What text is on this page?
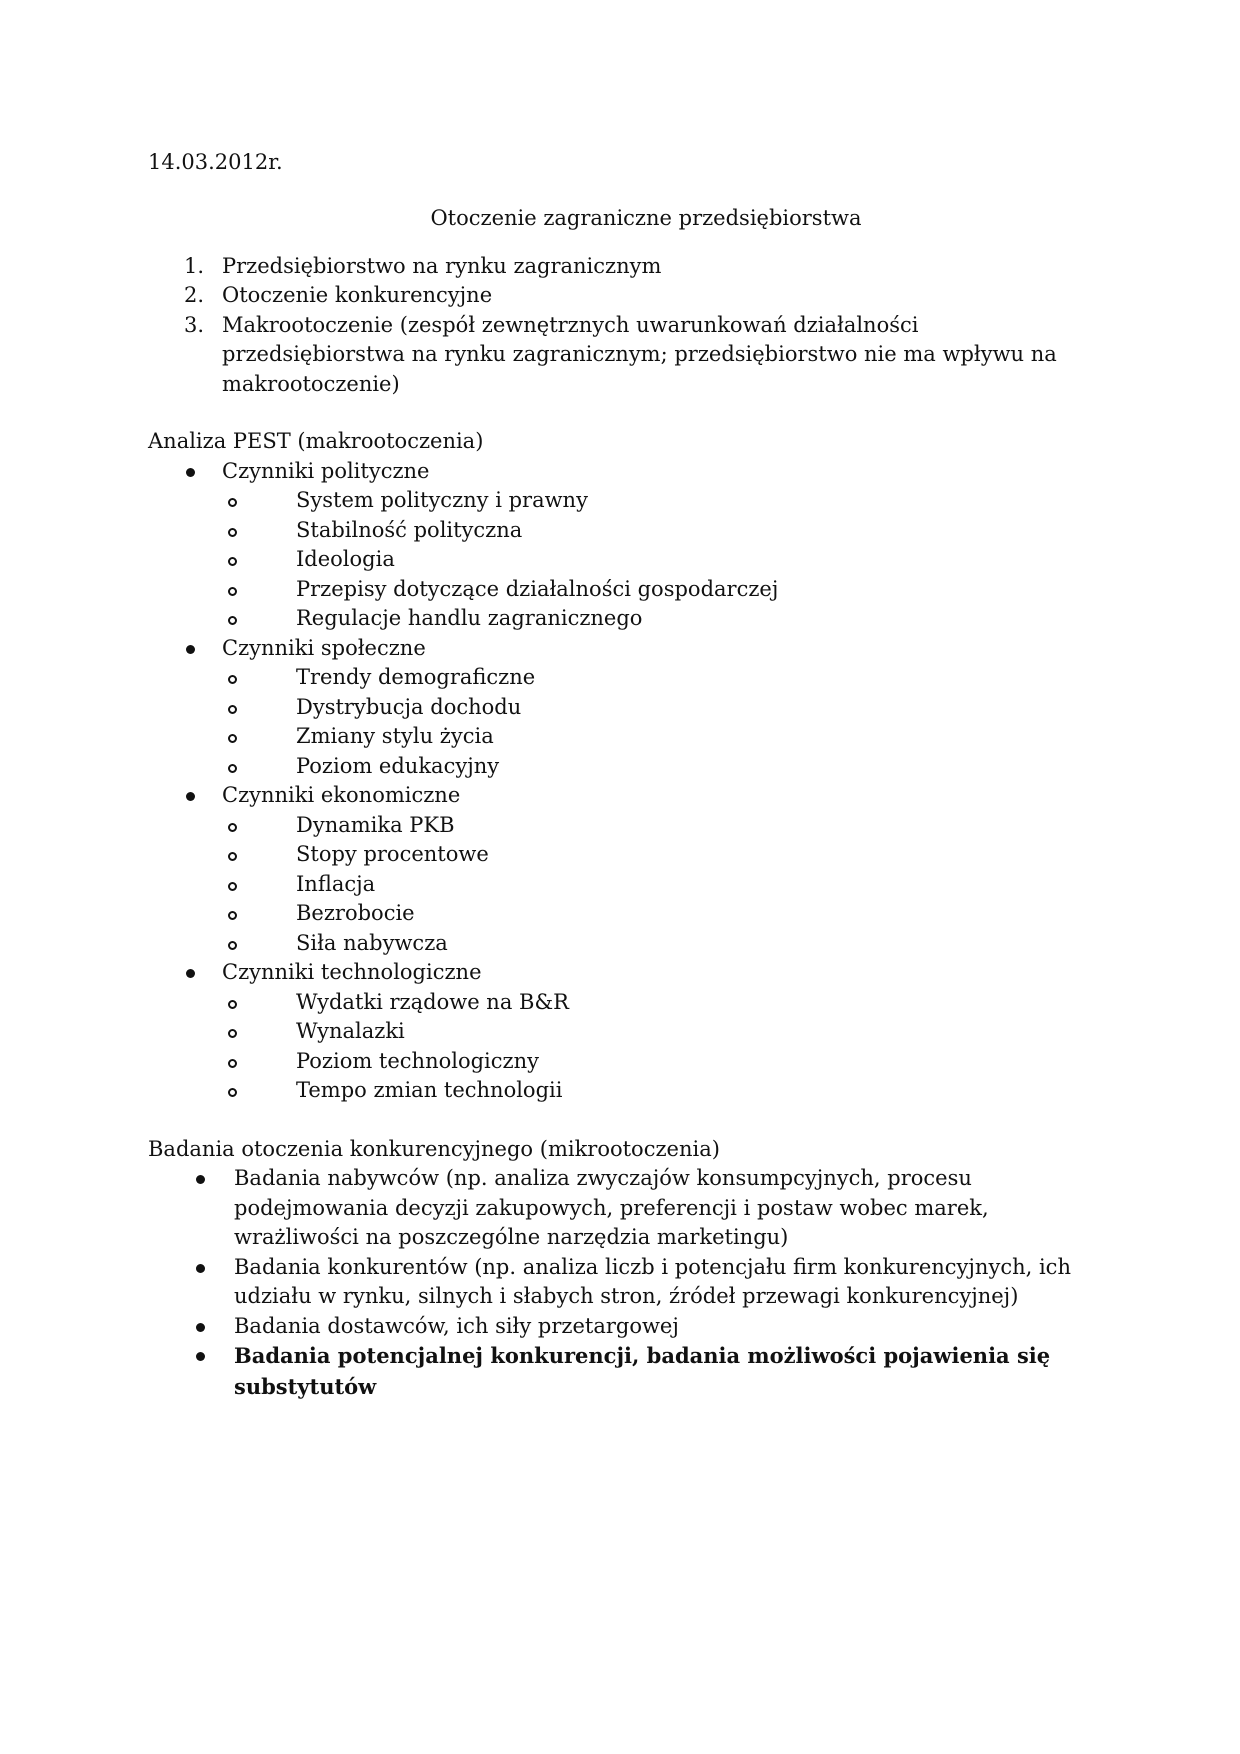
14.03.2012r.

Otoczenie zagraniczne przedsiębiorstwa
1. Przedsiębiorstwo na rynku zagranicznym
2. Otoczenie konkurencyjne
3. Makrootoczenie (zespół zewnętrznych uwarunkowań działalności przedsiębiorstwa na rynku zagranicznym; przedsiębiorstwo nie ma wpływu na makrootoczenie)
Analiza PEST (makrootoczenia)
Czynniki polityczne
System polityczny i prawny
Stabilność polityczna
Ideologia
Przepisy dotyczące działalności gospodarczej
Regulacje handlu zagranicznego
Czynniki społeczne
Trendy demograficzne
Dystrybucja dochodu
Zmiany stylu życia
Poziom edukacyjny
Czynniki ekonomiczne
Dynamika PKB
Stopy procentowe
Inflacja
Bezrobocie
Siła nabywcza
Czynniki technologiczne
Wydatki rządowe na B&R
Wynalazki
Poziom technologiczny
Tempo zmian technologii
Badania otoczenia konkurencyjnego (mikrootoczenia)
Badania nabywców (np. analiza zwyczajów konsumpcyjnych, procesu podejmowania decyzji zakupowych, preferencji i postaw wobec marek, wrażliwości na poszczególne narzędzia marketingu)
Badania konkurentów (np. analiza liczb i potencjału firm konkurencyjnych, ich udziału w rynku, silnych i słabych stron, źródeł przewagi konkurencyjnej)
Badania dostawców, ich siły przetargowej
Badania potencjalnej konkurencji, badania możliwości pojawienia się substytutów
